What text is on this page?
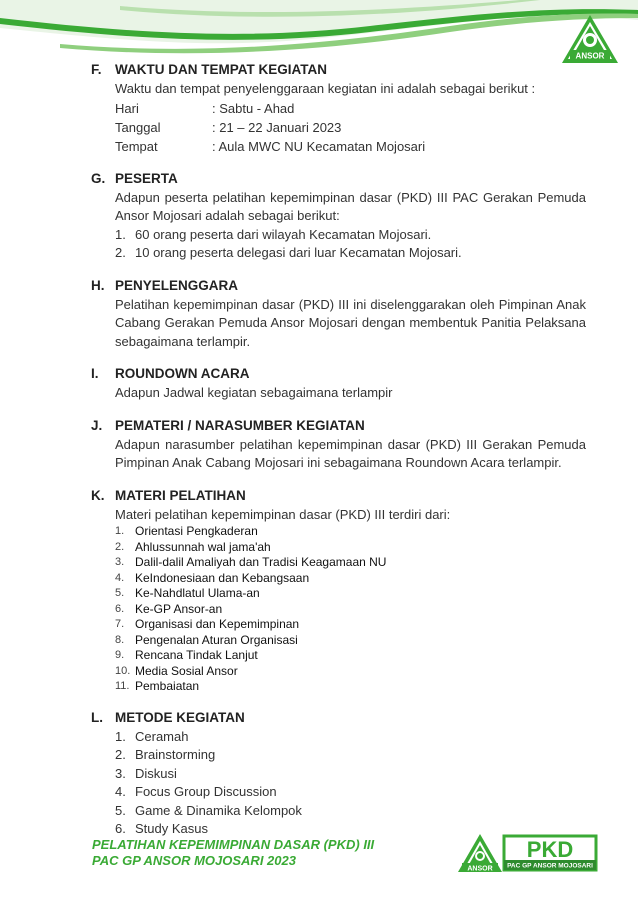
ANSOR
F. WAKTU DAN TEMPAT KEGIATAN

Waktu dan tempat penyelenggaraan kegiatan ini adalah sebagai berikut :

Hari	: Sabtu - Ahad
Tanggal	: 21 – 22 Januari 2023
Tempat	: Aula MWC NU Kecamatan Mojosari
G. PESERTA

Adapun peserta pelatihan kepemimpinan dasar (PKD) III PAC Gerakan Pemuda Ansor Mojosari adalah sebagai berikut:

1. 60 orang peserta dari wilayah Kecamatan Mojosari.
2. 10 orang peserta delegasi dari luar Kecamatan Mojosari.
H. PENYELENGGARA

Pelatihan kepemimpinan dasar (PKD) III ini diselenggarakan oleh Pimpinan Anak Cabang Gerakan Pemuda Ansor Mojosari dengan membentuk Panitia Pelaksana sebagaimana terlampir.

I.	ROUNDOWN ACARA

Adapun Jadwal kegiatan sebagaimana terlampir

J. PEMATERI / NARASUMBER KEGIATAN

Adapun narasumber pelatihan kepemimpinan dasar (PKD) III Gerakan Pemuda Pimpinan Anak Cabang Mojosari ini sebagaimana Roundown Acara terlampir.

K. MATERI PELATIHAN

Materi pelatihan kepemimpinan dasar (PKD) III terdiri dari:

1. Orientasi Pengkaderan
2. Ahlussunnah wal jama'ah
3. Dalil-dalil Amaliyah dan Tradisi Keagamaan NU
4. KeIndonesiaan dan Kebangsaan
5. Ke-Nahdlatul Ulama-an
6. Ke-GP Ansor-an
7. Organisasi dan Kepemimpinan
8. Pengenalan Aturan Organisasi
9. Rencana Tindak Lanjut
10. Media Sosial Ansor
11. Pembaiatan
L. METODE KEGIATAN
1. Ceramah
2. Brainstorming
3. Diskusi
4. Focus Group Discussion
5. Game & Dinamika Kelompok
6. Study Kasus
PELATIHAN KEPEMIMPINAN DASAR (PKD) III
PAC GP ANSOR MOJOSARI 2023
ANSOR
PKD
PAC GP ANSOR MOJOSARI
